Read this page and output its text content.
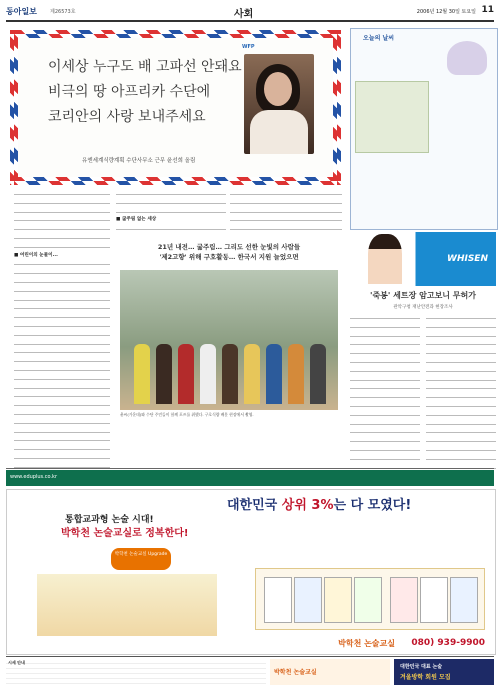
동아일보	제26573호	사회	2006년 12월 30일 토요일 11
이세상 누구도 배 고파선 안돼요
비극의 땅 아프리카 수단에
코리안의 사랑 보내주세요
유엔세계식량계획 수단사무소 근무 윤선희 올림
WFP
■ 어린이의 눈물이...
■ 굶주림 없는 세상
21년 내전… 굶주림… 그리도 선한 눈빛의 사람들
'제2고향' 위해 구호활동… 한국서 지원 늘었으면
윤씨(가운데)와 수단 주민들이 함께 포즈를 취했다. 구호식량 배분 현장에서 촬영.
오늘의 날씨
WHISEN
'죽봉' 세트장 암고보니 무허가
관악구청 재난안전과 현장조사
www.eduplus.co.kr
대한민국 상위 3%는 다 모였다!
통합교과형 논술 시대!
박학천 논술교실로 정복한다!
박학천 논술교실 Upgrade
박학천 논술교실 080) 939-9900
시세 안내
박학천 논술교실
대한민국 대표 논술
겨울방학 회원 모집
